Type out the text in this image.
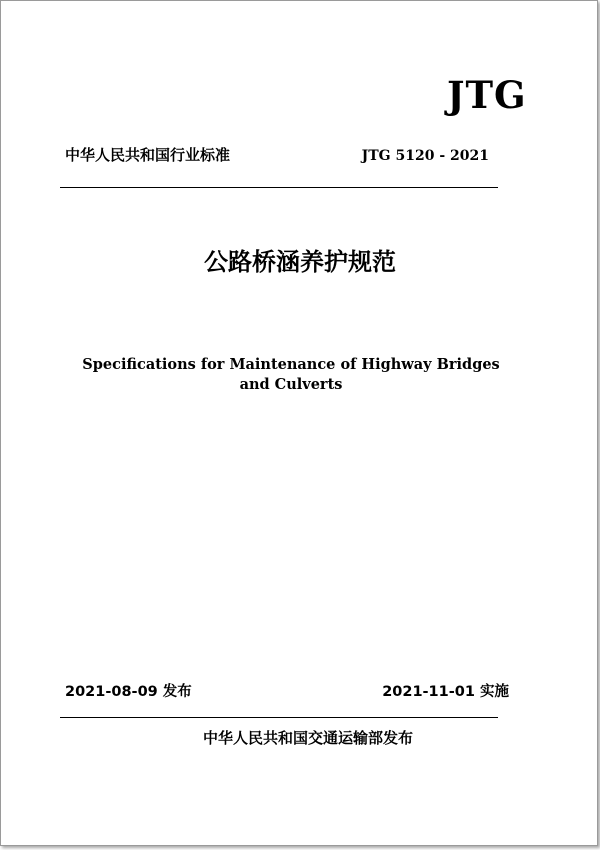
JTG
中华人民共和国行业标准	JTG 5120 - 2021
公路桥涵养护规范
Specifications for Maintenance of Highway Bridges and Culverts
2021-08-09 发布	2021-11-01 实施
中华人民共和国交通运输部发布
